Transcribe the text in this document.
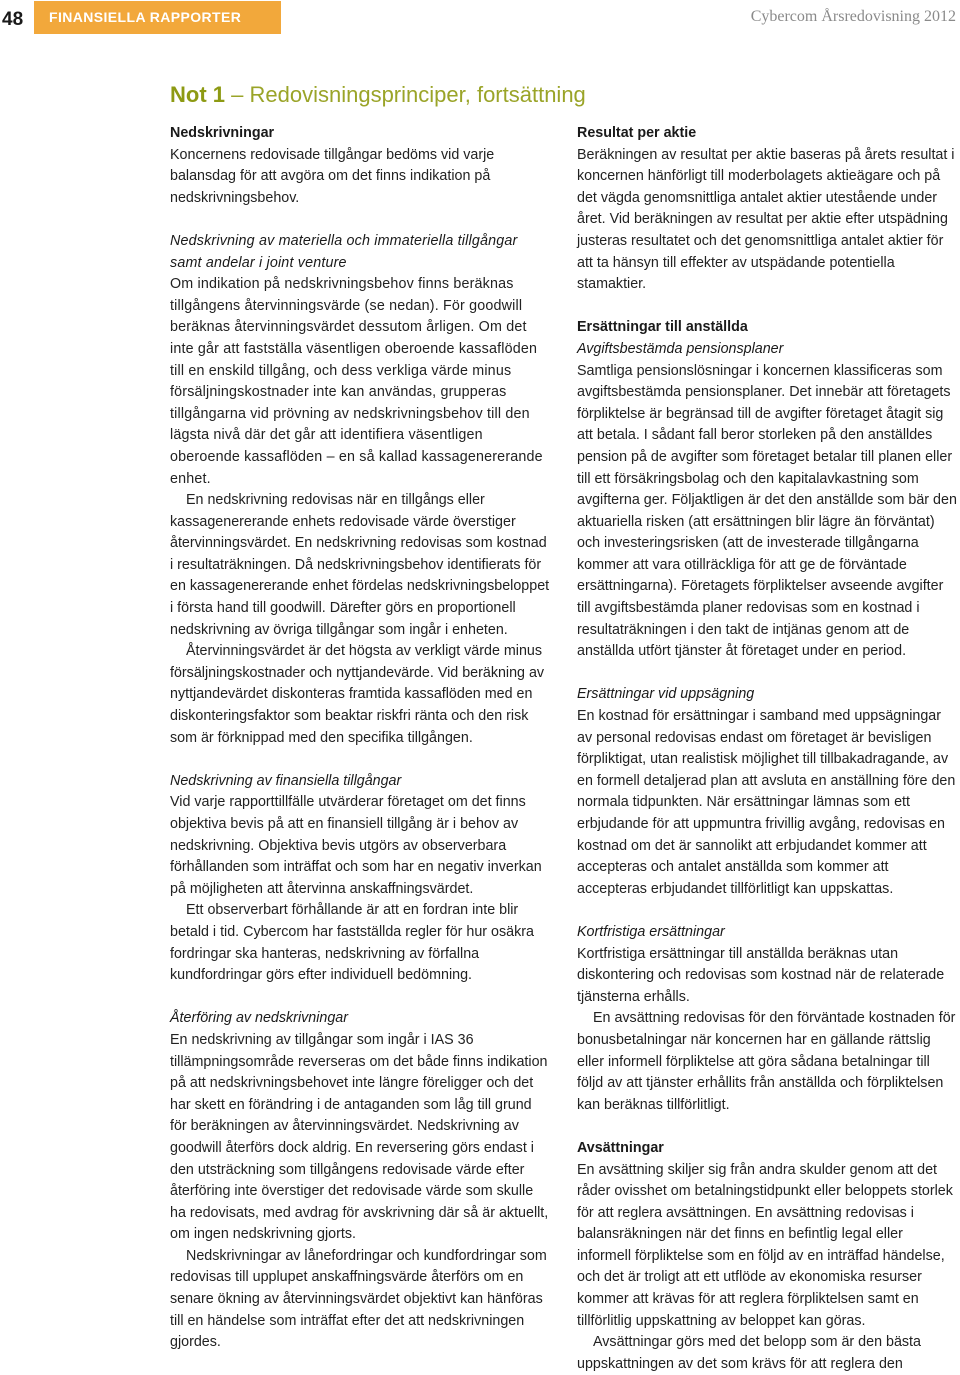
48	FINANSIELLA RAPPORTER	Cybercom Årsredovisning 2012
Not 1 – Redovisningsprinciper, fortsättning
Nedskrivningar

Koncernens redovisade tillgångar bedöms vid varje balansdag för att avgöra om det finns indikation på nedskrivningsbehov.

Nedskrivning av materiella och immateriella tillgångar samt andelar i joint venture

Om indikation på nedskrivningsbehov finns beräknas tillgångens återvinningsvärde (se nedan). För goodwill beräknas återvinningsvärdet dessutom årligen. Om det inte går att fastställa väsentligen oberoende kassaflöden till en enskild tillgång, och dess verkliga värde minus försäljningskostnader inte kan användas, grupperas tillgångarna vid prövning av nedskrivningsbehov till den lägsta nivå där det går att identifiera väsentligen oberoende kassaflöden – en så kallad kassagenererande enhet.

En nedskrivning redovisas när en tillgångs eller kassagenererande enhets redovisade värde överstiger återvinningsvärdet. En nedskrivning redovisas som kostnad i resultaträkningen. Då nedskrivningsbehov identifierats för en kassagenererande enhet fördelas nedskrivningsbeloppet i första hand till goodwill. Därefter görs en proportionell nedskrivning av övriga tillgångar som ingår i enheten.

Återvinningsvärdet är det högsta av verkligt värde minus försäljningskostnader och nyttjandevärde. Vid beräkning av nyttjandevärdet diskonteras framtida kassaflöden med en diskonteringsfaktor som beaktar riskfri ränta och den risk som är förknippad med den specifika tillgången.

Nedskrivning av finansiella tillgångar

Vid varje rapporttillfälle utvärderar företaget om det finns objektiva bevis på att en finansiell tillgång är i behov av nedskrivning. Objektiva bevis utgörs av observerbara förhållanden som inträffat och som har en negativ inverkan på möjligheten att återvinna anskaffningsvärdet.

Ett observerbart förhållande är att en fordran inte blir betald i tid. Cybercom har fastställda regler för hur osäkra fordringar ska hanteras, nedskrivning av förfallna kundfordringar görs efter individuell bedömning.

Återföring av nedskrivningar

En nedskrivning av tillgångar som ingår i IAS 36 tillämpningsområde reverseras om det både finns indikation på att nedskrivningsbehovet inte längre föreligger och det har skett en förändring i de antaganden som låg till grund för beräkningen av återvinningsvärdet. Nedskrivning av goodwill återförs dock aldrig. En reversering görs endast i den utsträckning som tillgångens redovisade värde efter återföring inte överstiger det redovisade värde som skulle ha redovisats, med avdrag för avskrivning där så är aktuellt, om ingen nedskrivning gjorts.

Nedskrivningar av lånefordringar och kundfordringar som redovisas till upplupet anskaffningsvärde återförs om en senare ökning av återvinningsvärdet objektivt kan hänföras till en händelse som inträffat efter det att nedskrivningen gjordes.

Resultat per aktie

Beräkningen av resultat per aktie baseras på årets resultat i koncernen hänförligt till moderbolagets aktieägare och på det vägda genomsnittliga antalet aktier utestående under året. Vid beräkningen av resultat per aktie efter utspädning justeras resultatet och det genomsnittliga antalet aktier för att ta hänsyn till effekter av utspädande potentiella stamaktier.

Ersättningar till anställda
Avgiftsbestämda pensionsplaner

Samtliga pensionslösningar i koncernen klassificeras som avgiftsbestämda pensionsplaner. Det innebär att företagets förpliktelse är begränsad till de avgifter företaget åtagit sig att betala. I sådant fall beror storleken på den anställdes pension på de avgifter som företaget betalar till planen eller till ett försäkringsbolag och den kapitalavkastning som avgifterna ger. Följaktligen är det den anställde som bär den aktuariella risken (att ersättningen blir lägre än förväntat) och investeringsrisken (att de investerade tillgångarna kommer att vara otillräckliga för att ge de förväntade ersättningarna). Företagets förpliktelser avseende avgifter till avgiftsbestämda planer redovisas som en kostnad i resultaträkningen i den takt de intjänas genom att de anställda utfört tjänster åt företaget under en period.

Ersättningar vid uppsägning

En kostnad för ersättningar i samband med uppsägningar av personal redovisas endast om företaget är bevisligen förpliktigat, utan realistisk möjlighet till tillbakadragande, av en formell detaljerad plan att avsluta en anställning före den normala tidpunkten. När ersättningar lämnas som ett erbjudande för att uppmuntra frivillig avgång, redovisas en kostnad om det är sannolikt att erbjudandet kommer att accepteras och antalet anställda som kommer att accepteras erbjudandet tillförlitligt kan uppskattas.

Kortfristiga ersättningar

Kortfristiga ersättningar till anställda beräknas utan diskontering och redovisas som kostnad när de relaterade tjänsterna erhålls.

En avsättning redovisas för den förväntade kostnaden för bonusbetalningar när koncernen har en gällande rättslig eller informell förpliktelse att göra sådana betalningar till följd av att tjänster erhållits från anställda och förpliktelsen kan beräknas tillförlitligt.

Avsättningar

En avsättning skiljer sig från andra skulder genom att det råder ovisshet om betalningstidpunkt eller beloppets storlek för att reglera avsättningen. En avsättning redovisas i balansräkningen när det finns en befintlig legal eller informell förpliktelse som en följd av en inträffad händelse, och det är troligt att ett utflöde av ekonomiska resurser kommer att krävas för att reglera förpliktelsen samt en tillförlitlig uppskattning av beloppet kan göras.

Avsättningar görs med det belopp som är den bästa uppskattningen av det som krävs för att reglera den
